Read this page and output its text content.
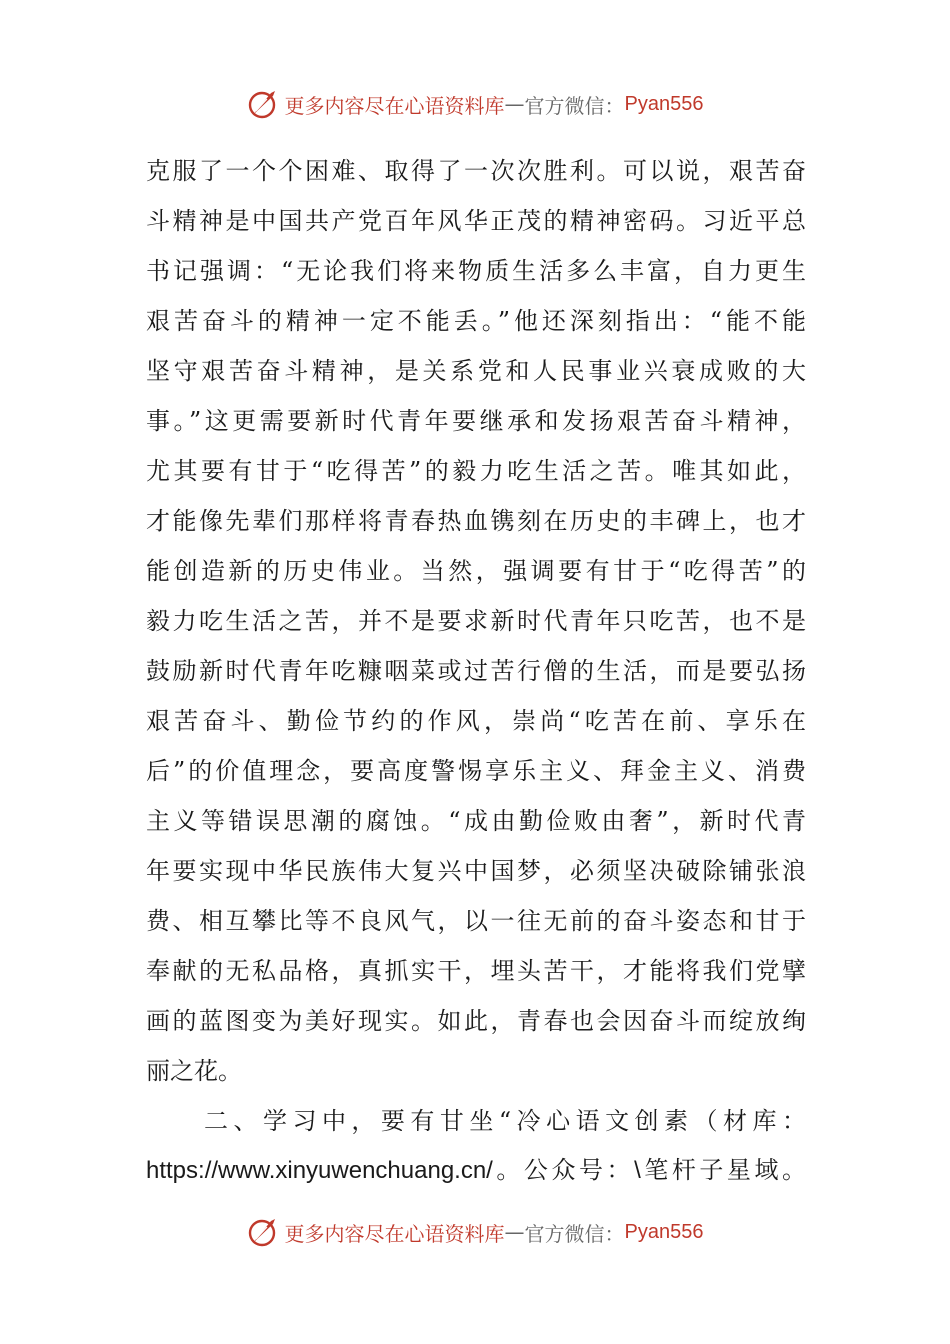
更多内容尽在心语资料库 — 官方微信： Pyan556
克服了一个个困难、取得了一次次胜利。可以说，艰苦奋
斗精神是中国共产党百年风华正茂的精神密码。习近平总
书记强调：“无论我们将来物质生活多么丰富，自力更生
艰苦奋斗的精神一定不能丢。”他还深刻指出：“能不能
坚守艰苦奋斗精神，是关系党和人民事业兴衰成败的大
事。”这更需要新时代青年要继承和发扬艰苦奋斗精神，
尤其要有甘于“吃得苦”的毅力吃生活之苦。唯其如此，
才能像先辈们那样将青春热血镌刻在历史的丰碑上，也才
能创造新的历史伟业。当然，强调要有甘于“吃得苦”的
毅力吃生活之苦，并不是要求新时代青年只吃苦，也不是
鼓励新时代青年吃糠咽菜或过苦行僧的生活，而是要弘扬
艰苦奋斗、勤俭节约的作风，崇尚“吃苦在前、享乐在
后”的价值理念，要高度警惕享乐主义、拜金主义、消费
主义等错误思潮的腐蚀。“成由勤俭败由奢”，新时代青
年要实现中华民族伟大复兴中国梦，必须坚决破除铺张浪
费、相互攀比等不良风气，以一往无前的奋斗姿态和甘于
奉献的无私品格，真抓实干，埋头苦干，才能将我们党擘
画的蓝图变为美好现实。如此，青春也会因奋斗而绽放绚
丽之花。
二、学习中，要有甘坐“冷心语文创素（材库：
https://www.xinyuwenchuang.cn/。公众号：\笔杆子星域。
更多内容尽在心语资料库 — 官方微信： Pyan556
